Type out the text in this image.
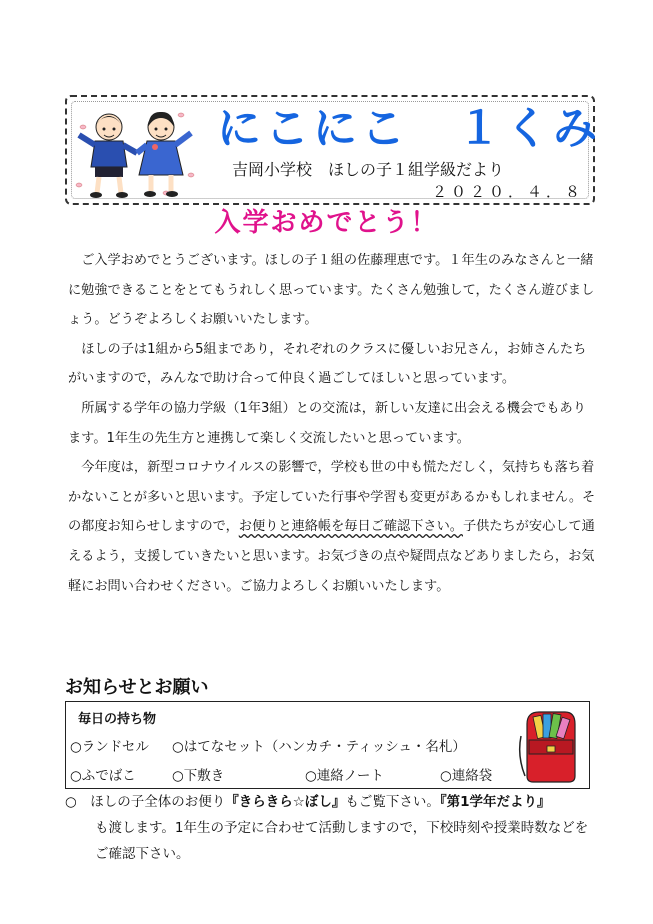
にこにこ　１くみ
吉岡小学校　ほしの子１組学級だより
２０２０．４．８
入学おめでとう！

ご入学おめでとうございます。ほしの子１組の佐藤理恵です。１年生のみなさんと一緒に勉強できることをとてもうれしく思っています。たくさん勉強して，たくさん遊びましょう。どうぞよろしくお願いいたします。

ほしの子は1組から5組まであり，それぞれのクラスに優しいお兄さん，お姉さんたちがいますので，みんなで助け合って仲良く過ごしてほしいと思っています。

所属する学年の協力学級（1年3組）との交流は，新しい友達に出会える機会でもあります。1年生の先生方と連携して楽しく交流したいと思っています。

今年度は，新型コロナウイルスの影響で，学校も世の中も慌ただしく，気持ちも落ち着かないことが多いと思います。予定していた行事や学習も変更があるかもしれません。その都度お知らせしますので，お便りと連絡帳を毎日ご確認下さい。子供たちが安心して通えるよう，支援していきたいと思います。お気づきの点や疑問点などありましたら，お気軽にお問い合わせください。ご協力よろしくお願いいたします。

お知らせとお願い
毎日の持ち物
○ランドセル ○はてなセット（ハンカチ・ティッシュ・名札）
○ふでばこ	○下敷き	○連絡ノート	○連絡袋
○　 ほしの子全体のお便り『きらきら☆ぼし』もご覧下さい。『第1学年だより』
も渡します。1年生の予定に合わせて活動しますので，下校時刻や授業時数などをご確認下さい。
